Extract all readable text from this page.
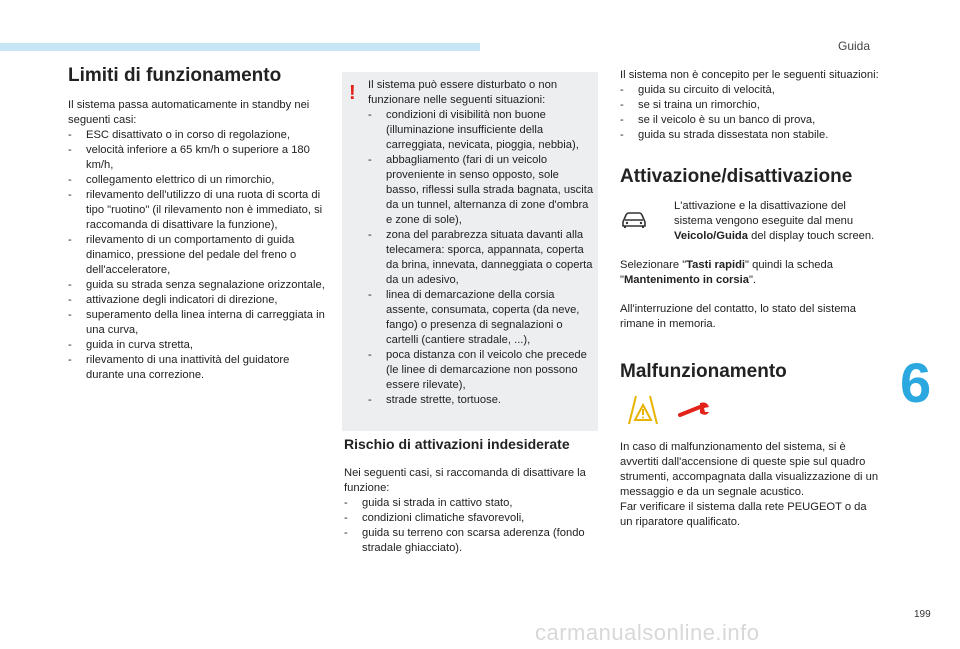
Guida
6
199
carmanualsonline.info
Limiti di funzionamento

Il sistema passa automaticamente in standby nei seguenti casi:

- ESC disattivato o in corso di regolazione,
- velocità inferiore a 65 km/h o superiore a 180 km/h,
- collegamento elettrico di un rimorchio,
- rilevamento dell'utilizzo di una ruota di scorta di tipo "ruotino" (il rilevamento non è immediato, si raccomanda di disattivare la funzione),
- rilevamento di un comportamento di guida dinamico, pressione del pedale del freno o dell'acceleratore,
- guida su strada senza segnalazione orizzontale,
- attivazione degli indicatori di direzione,
- superamento della linea interna di carreggiata in una curva,
- guida in curva stretta,
- rilevamento di una inattività del guidatore durante una correzione.
! Il sistema può essere disturbato o non funzionare nelle seguenti situazioni:

- condizioni di visibilità non buone (illuminazione insufficiente della carreggiata, nevicata, pioggia, nebbia),
- abbagliamento (fari di un veicolo proveniente in senso opposto, sole basso, riflessi sulla strada bagnata, uscita da un tunnel, alternanza di zone d'ombra e zone di sole),
- zona del parabrezza situata davanti alla telecamera: sporca, appannata, coperta da brina, innevata, danneggiata o coperta da un adesivo,
- linea di demarcazione della corsia assente, consumata, coperta (da neve, fango) o presenza di segnalazioni o cartelli (cantiere stradale, ...),
- poca distanza con il veicolo che precede (le linee di demarcazione non possono essere rilevate),
- strade strette, tortuose.
Rischio di attivazioni indesiderate

Nei seguenti casi, si raccomanda di disattivare la funzione:

- guida si strada in cattivo stato,
- condizioni climatiche sfavorevoli,
- guida su terreno con scarsa aderenza (fondo stradale ghiacciato).

Il sistema non è concepito per le seguenti situazioni:

- guida su circuito di velocità,
- se si traina un rimorchio,
- se il veicolo è su un banco di prova,
- guida su strada dissestata non stabile.
Attivazione/disattivazione

L'attivazione e la disattivazione del sistema vengono eseguite dal menu Veicolo/Guida del display touch screen.

Selezionare "Tasti rapidi" quindi la scheda "Mantenimento in corsia".

All'interruzione del contatto, lo stato del sistema rimane in memoria.

Malfunzionamento

In caso di malfunzionamento del sistema, si è avvertiti dall'accensione di queste spie sul quadro strumenti, accompagnata dalla visualizzazione di un messaggio e da un segnale acustico.

Far verificare il sistema dalla rete PEUGEOT o da un riparatore qualificato.
